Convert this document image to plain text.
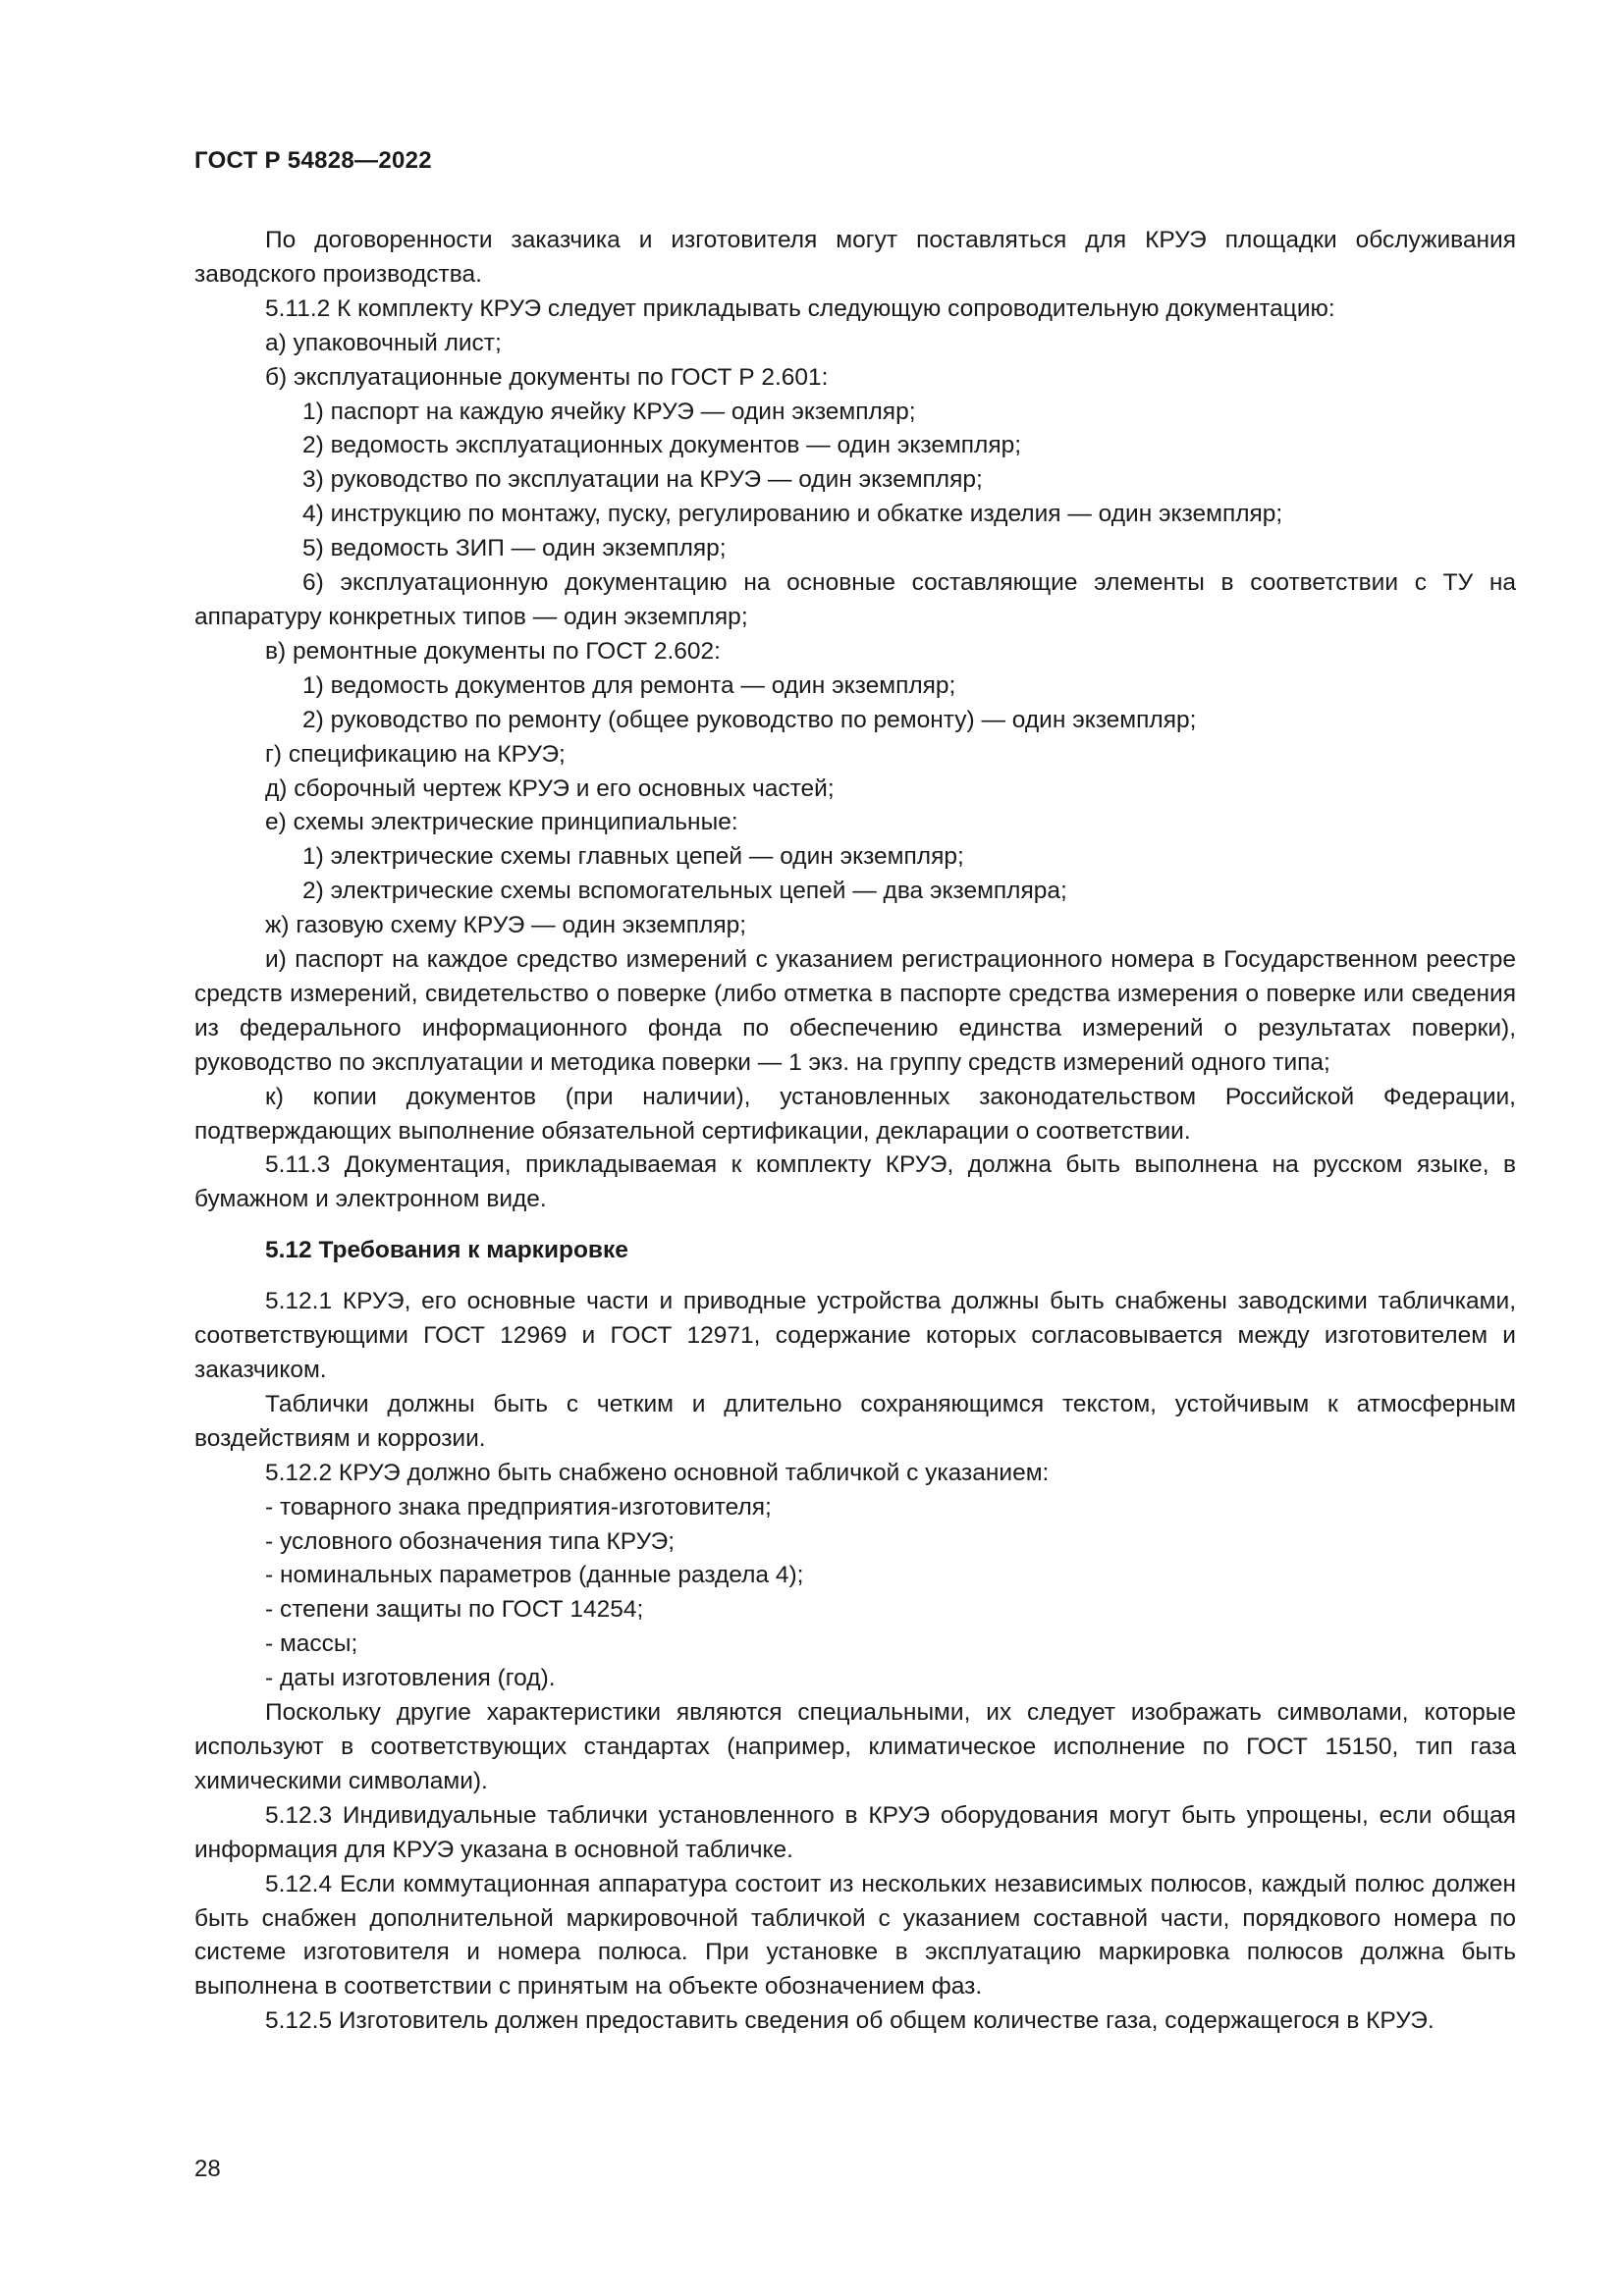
ГОСТ Р 54828—2022

По договоренности заказчика и изготовителя могут поставляться для КРУЭ площадки обслуживания заводского производства.

5.11.2 К комплекту КРУЭ следует прикладывать следующую сопроводительную документацию:

а) упаковочный лист;

б) эксплуатационные документы по ГОСТ Р 2.601:

1) паспорт на каждую ячейку КРУЭ — один экземпляр;

2) ведомость эксплуатационных документов — один экземпляр;

3) руководство по эксплуатации на КРУЭ — один экземпляр;

4) инструкцию по монтажу, пуску, регулированию и обкатке изделия — один экземпляр;

5) ведомость ЗИП — один экземпляр;

6) эксплуатационную документацию на основные составляющие элементы в соответствии с ТУ на аппаратуру конкретных типов — один экземпляр;

в) ремонтные документы по ГОСТ 2.602:

1) ведомость документов для ремонта — один экземпляр;

2) руководство по ремонту (общее руководство по ремонту) — один экземпляр;

г) спецификацию на КРУЭ;

д) сборочный чертеж КРУЭ и его основных частей;

е) схемы электрические принципиальные:

1) электрические схемы главных цепей — один экземпляр;

2) электрические схемы вспомогательных цепей — два экземпляра;

ж) газовую схему КРУЭ — один экземпляр;

и) паспорт на каждое средство измерений с указанием регистрационного номера в Государственном реестре средств измерений, свидетельство о поверке (либо отметка в паспорте средства измерения о поверке или сведения из федерального информационного фонда по обеспечению единства измерений о результатах поверки), руководство по эксплуатации и методика поверки — 1 экз. на группу средств измерений одного типа;

к) копии документов (при наличии), установленных законодательством Российской Федерации, подтверждающих выполнение обязательной сертификации, декларации о соответствии.

5.11.3 Документация, прикладываемая к комплекту КРУЭ, должна быть выполнена на русском языке, в бумажном и электронном виде.

5.12 Требования к маркировке

5.12.1 КРУЭ, его основные части и приводные устройства должны быть снабжены заводскими табличками, соответствующими ГОСТ 12969 и ГОСТ 12971, содержание которых согласовывается между изготовителем и заказчиком.

Таблички должны быть с четким и длительно сохраняющимся текстом, устойчивым к атмосферным воздействиям и коррозии.

5.12.2 КРУЭ должно быть снабжено основной табличкой с указанием:

- товарного знака предприятия-изготовителя;

- условного обозначения типа КРУЭ;

- номинальных параметров (данные раздела 4);

- степени защиты по ГОСТ 14254;

- массы;

- даты изготовления (год).

Поскольку другие характеристики являются специальными, их следует изображать символами, которые используют в соответствующих стандартах (например, климатическое исполнение по ГОСТ 15150, тип газа химическими символами).

5.12.3 Индивидуальные таблички установленного в КРУЭ оборудования могут быть упрощены, если общая информация для КРУЭ указана в основной табличке.

5.12.4 Если коммутационная аппаратура состоит из нескольких независимых полюсов, каждый полюс должен быть снабжен дополнительной маркировочной табличкой с указанием составной части, порядкового номера по системе изготовителя и номера полюса. При установке в эксплуатацию маркировка полюсов должна быть выполнена в соответствии с принятым на объекте обозначением фаз.

5.12.5 Изготовитель должен предоставить сведения об общем количестве газа, содержащегося в КРУЭ.

28
